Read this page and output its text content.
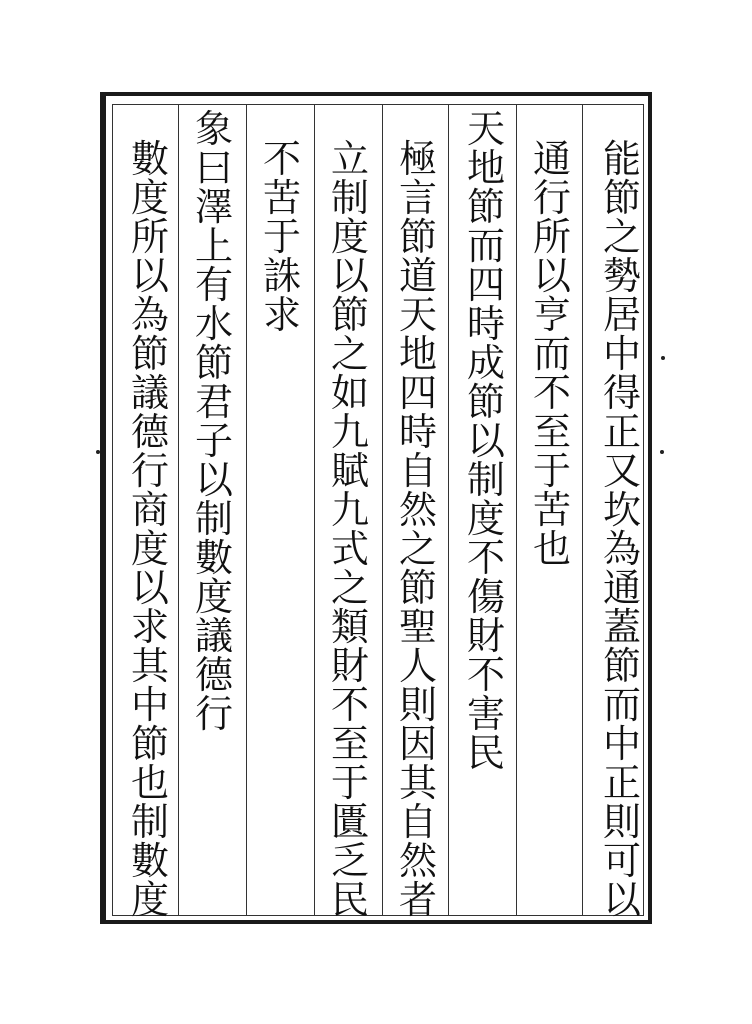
能
節
之
勢
居
中
得
正
又
坎
為
通
蓋
節
而
中
正
則
可
以
通
行
所
以
亨
而
不
至
于
苦
也
天
地
節
而
四
時
成
節
以
制
度
不
傷
財
不
害
民
極
言
節
道
天
地
四
時
自
然
之
節
聖
人
則
因
其
自
然
者
立
制
度
以
節
之
如
九
賦
九
式
之
類
財
不
至
于
匱
乏
民
不
苦
于
誅
求
象
曰
澤
上
有
水
節
君
子
以
制
數
度
議
德
行
數
度
所
以
為
節
議
德
行
商
度
以
求
其
中
節
也
制
數
度
